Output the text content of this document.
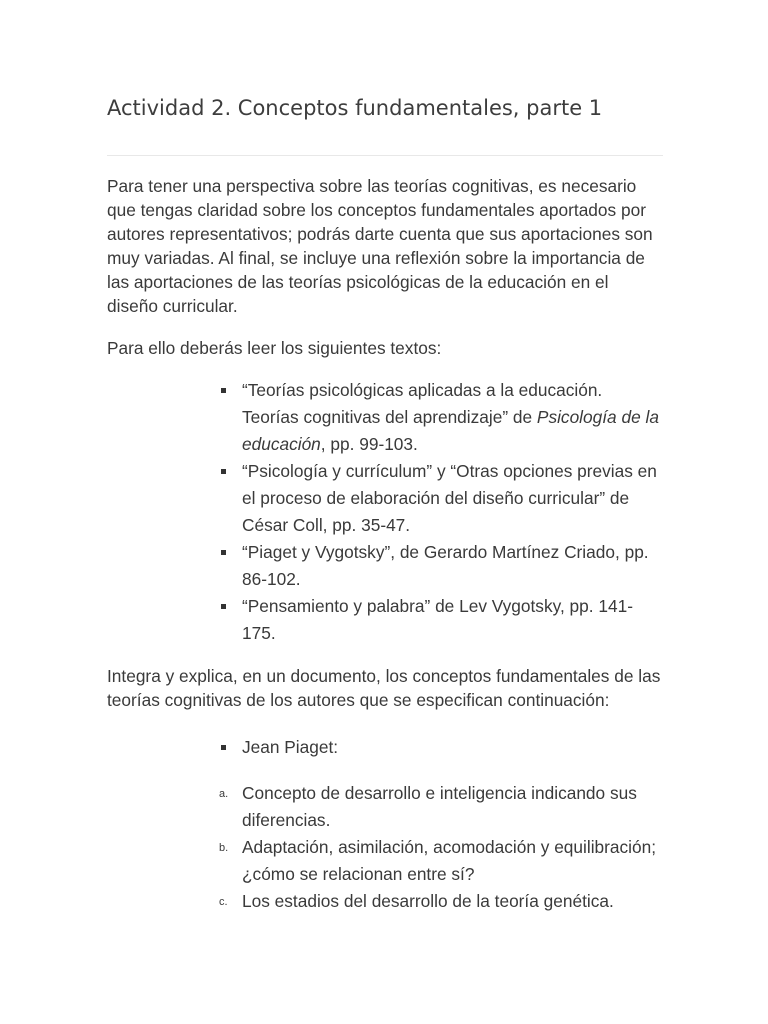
Actividad 2. Conceptos fundamentales, parte 1

Para tener una perspectiva sobre las teorías cognitivas, es necesario que tengas claridad sobre los conceptos fundamentales aportados por autores representativos; podrás darte cuenta que sus aportaciones son muy variadas. Al final, se incluye una reflexión sobre la importancia de las aportaciones de las teorías psicológicas de la educación en el diseño curricular.

Para ello deberás leer los siguientes textos:

“Teorías psicológicas aplicadas a la educación. Teorías cognitivas del aprendizaje” de Psicología de la educación, pp. 99-103.
“Psicología y currículum” y “Otras opciones previas en el proceso de elaboración del diseño curricular” de César Coll, pp. 35-47.
“Piaget y Vygotsky”, de Gerardo Martínez Criado, pp. 86-102.
“Pensamiento y palabra” de Lev Vygotsky, pp. 141-175.

Integra y explica, en un documento, los conceptos fundamentales de las teorías cognitivas de los autores que se especifican continuación:

Jean Piaget:
a. Concepto de desarrollo e inteligencia indicando sus diferencias.
b. Adaptación, asimilación, acomodación y equilibración; ¿cómo se relacionan entre sí?
c. Los estadios del desarrollo de la teoría genética.
